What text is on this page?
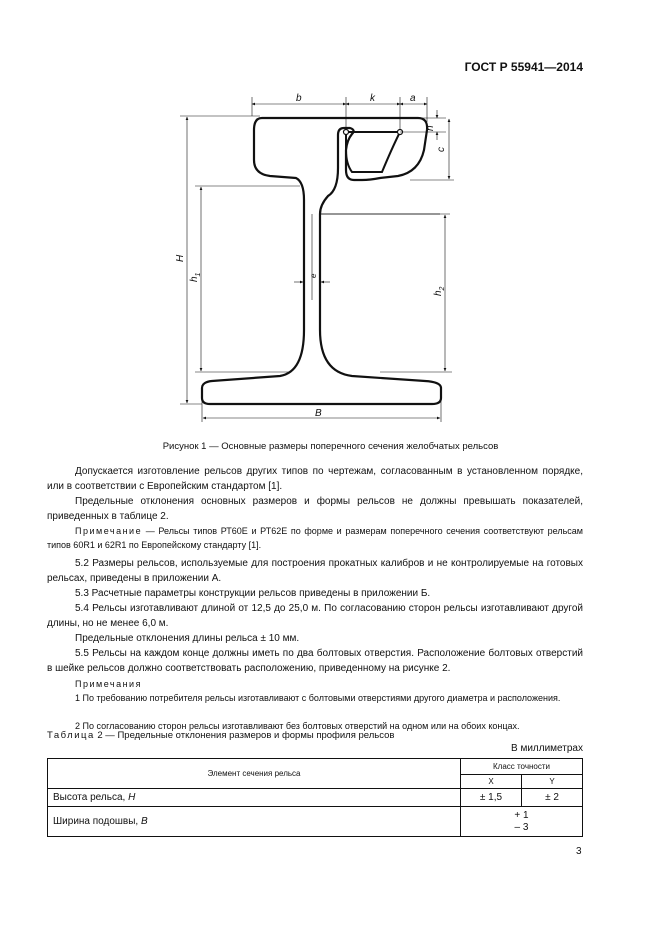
ГОСТ Р 55941—2014
b	k	a
n
c
H
$h_1$
$h_2$
e
B
Рисунок 1 — Основные размеры поперечного сечения желобчатых рельсов
Допускается изготовление рельсов других типов по чертежам, согласованным в установленном порядке, или в соответствии с Европейским стандартом [1].
Предельные отклонения основных размеров и формы рельсов не должны превышать показателей, приведенных в таблице 2.
Примечание — Рельсы типов РТ60Е и РТ62Е по форме и размерам поперечного сечения соответствуют рельсам типов 60R1 и 62R1 по Европейскому стандарту [1].
5.2 Размеры рельсов, используемые для построения прокатных калибров и не контролируемые на готовых рельсах, приведены в приложении А.
5.3 Расчетные параметры конструкции рельсов приведены в приложении Б.
5.4 Рельсы изготавливают длиной от 12,5 до 25,0 м. По согласованию сторон рельсы изготавливают другой длины, но не менее 6,0 м.
Предельные отклонения длины рельса ± 10 мм.
5.5 Рельсы на каждом конце должны иметь по два болтовых отверстия. Расположение болтовых отверстий в шейке рельсов должно соответствовать расположению, приведенному на рисунке 2.
Примечания
1 По требованию потребителя рельсы изготавливают с болтовыми отверстиями другого диаметра и расположения.
2 По согласованию сторон рельсы изготавливают без болтовых отверстий на одном или на обоих концах.
Таблица 2 — Предельные отклонения размеров и формы профиля рельсов
В миллиметрах
Элемент сечения рельса	Класс точности	
	X	Y
Высота рельса, H	± 1,5	± 2
Ширина подошвы, B	+ 1
– 3	
3
